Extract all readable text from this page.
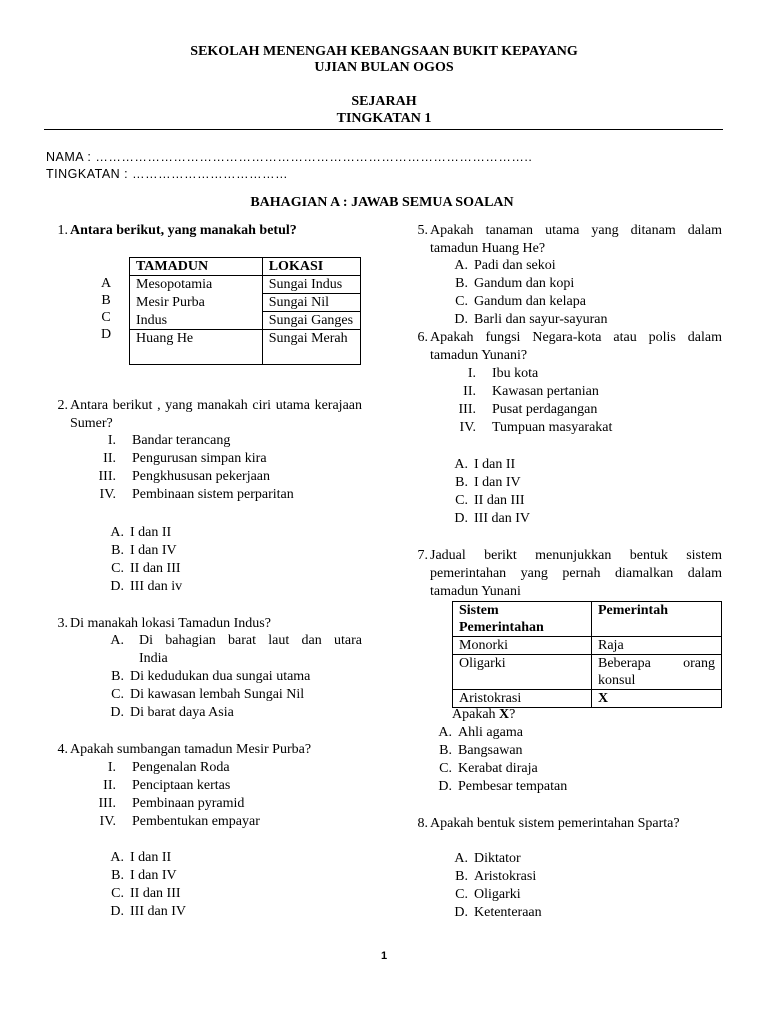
SEKOLAH MENENGAH KEBANGSAAN BUKIT KEPAYANG
UJIAN BULAN OGOS
SEJARAH
TINGKATAN 1
NAMA : ………………………………………………………………………………………..
TINGKATAN : ………………………………
BAHAGIAN A : JAWAB SEMUA SOALAN
1. Antara berikut, yang manakah betul?
A
B
C
D
TAMADUN	LOKASI
Mesopotamia	Sungai Indus
Mesir Purba	Sungai Nil
Indus	Sungai Ganges
Huang He	Sungai Merah
2. Antara berikut , yang manakah ciri utama kerajaan Sumer?
I. Bandar terancang
II. Pengurusan simpan kira
III. Pengkhususan pekerjaan
IV. Pembinaan sistem perparitan
A. I dan II
B. I dan IV
C. II dan III
D. III dan iv
3. Di manakah lokasi Tamadun Indus?
A. Di bahagian barat laut dan utara
India
B. Di kedudukan dua sungai utama
C. Di kawasan lembah Sungai Nil
D. Di barat daya Asia
4. Apakah sumbangan tamadun Mesir Purba?
I. Pengenalan Roda
II. Penciptaan kertas
III. Pembinaan pyramid
IV. Pembentukan empayar
A. I dan II
B. I dan IV
C. II dan III
D. III dan IV
5. Apakah tanaman utama yang ditanam dalam tamadun Huang He?
A. Padi dan sekoi
B. Gandum dan kopi
C. Gandum dan kelapa
D. Barli dan sayur-sayuran
6. Apakah fungsi Negara-kota atau polis dalam tamadun Yunani?
I. Ibu kota
II. Kawasan pertanian
III. Pusat perdagangan
IV. Tumpuan masyarakat
A. I dan II
B. I dan IV
C. II dan III
D. III dan IV
7. Jadual berikt menunjukkan bentuk sistem pemerintahan yang pernah diamalkan dalam tamadun Yunani
Sistem Pemerintahan	Pemerintah
Monorki	Raja
Oligarki	Beberapa orang konsul
Aristokrasi	X
Apakah X?
A. Ahli agama
B. Bangsawan
C. Kerabat diraja
D. Pembesar tempatan
8. Apakah bentuk sistem pemerintahan Sparta?
A. Diktator
B. Aristokrasi
C. Oligarki
D. Ketenteraan
1
